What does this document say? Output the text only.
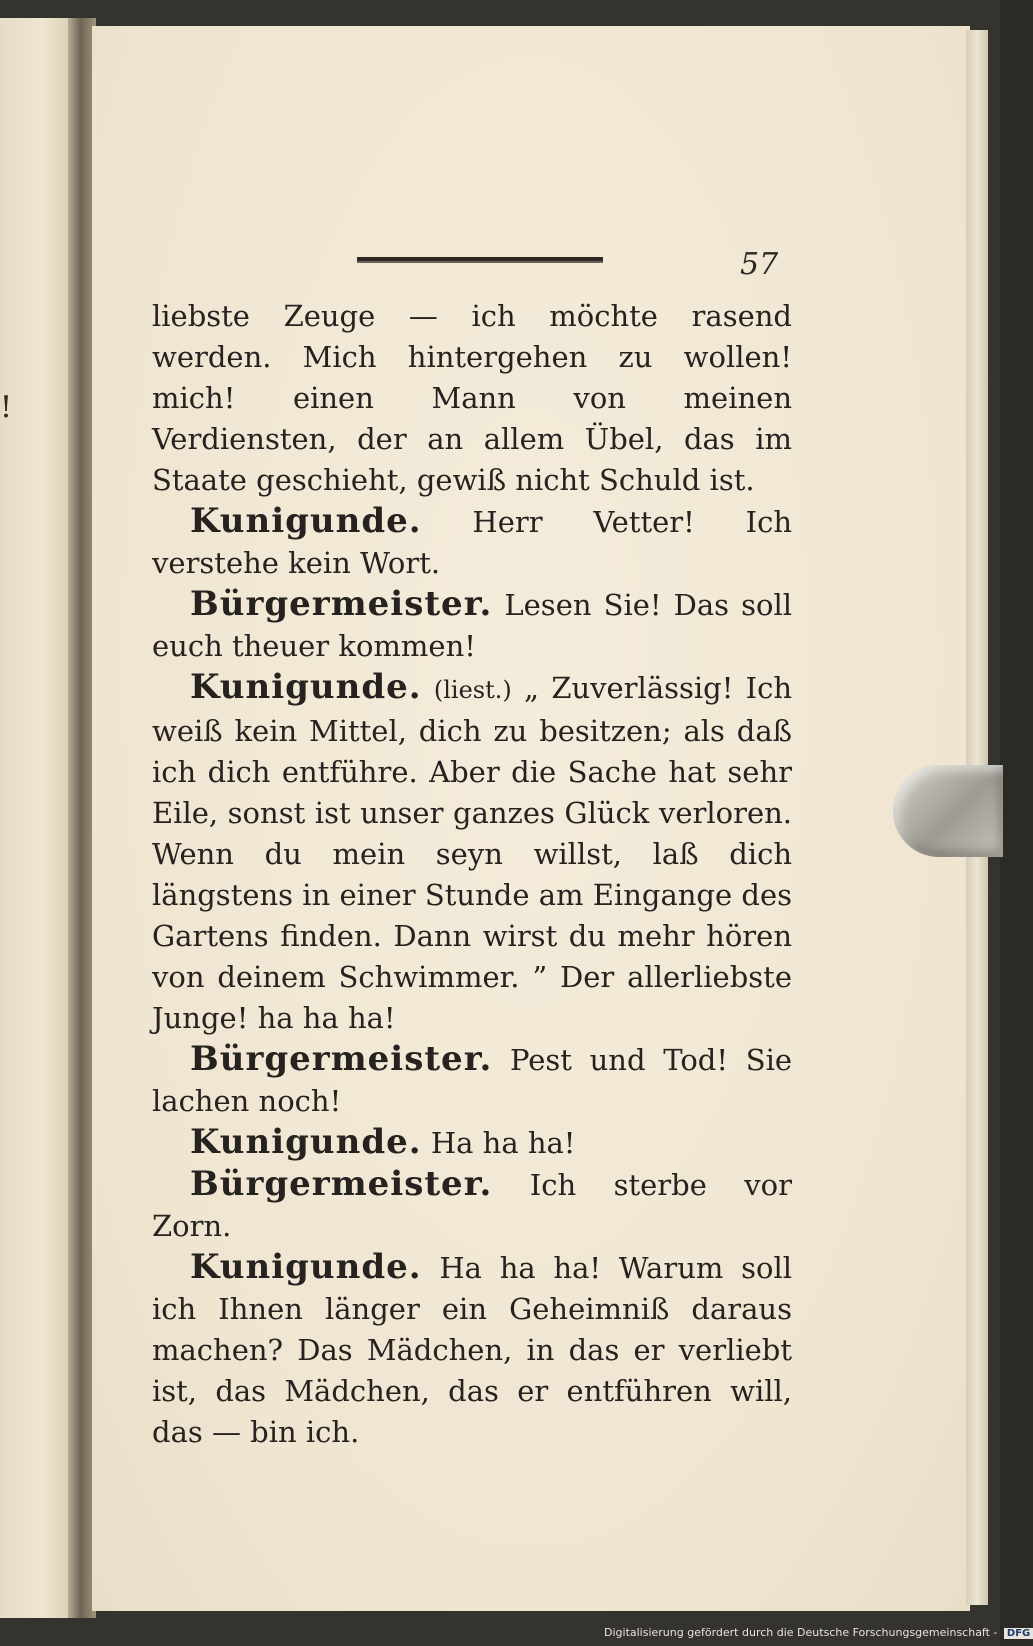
!
57

liebste Zeuge — ich möchte rasend werden. Mich hintergehen zu wollen! mich! einen Mann von meinen Verdiensten, der an allem Übel, das im Staate geschieht, gewiß nicht Schuld ist.

Kunigunde. Herr Vetter! Ich verstehe kein Wort.

Bürgermeister. Lesen Sie! Das soll euch theuer kommen!

Kunigunde. (liest.) „ Zuverlässig! Ich weiß kein Mittel, dich zu besitzen; als daß ich dich entführe. Aber die Sache hat sehr Eile, sonst ist unser ganzes Glück verloren. Wenn du mein seyn willst, laß dich längstens in einer Stunde am Eingange des Gartens finden. Dann wirst du mehr hören von deinem Schwimmer. ” Der allerliebste Junge! ha ha ha!

Bürgermeister. Pest und Tod! Sie lachen noch!

Kunigunde. Ha ha ha!

Bürgermeister. Ich sterbe vor Zorn.

Kunigunde. Ha ha ha! Warum soll ich Ihnen länger ein Geheimniß daraus machen? Das Mädchen, in das er verliebt ist, das Mädchen, das er entführen will, das — bin ich.

Digitalisierung gefördert durch die Deutsche Forschungsgemeinschaft - DFG
